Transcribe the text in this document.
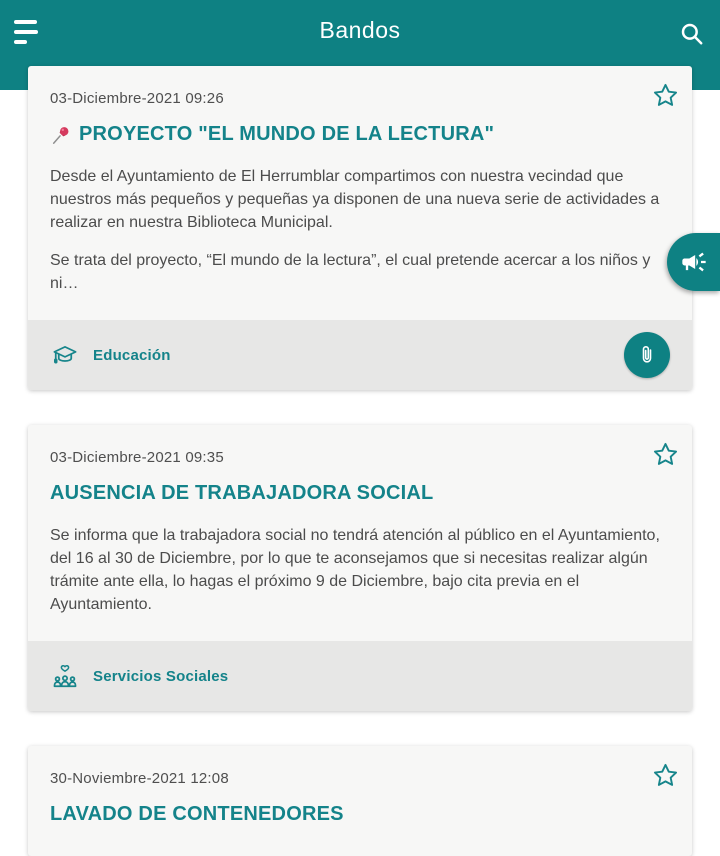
Bandos
03-Diciembre-2021 09:26
PROYECTO "EL MUNDO DE LA LECTURA"

Desde el Ayuntamiento de El Herrumblar compartimos con nuestra vecindad que nuestros más pequeños y pequeñas ya disponen de una nueva serie de actividades a realizar en nuestra Biblioteca Municipal.

Se trata del proyecto, “El mundo de la lectura”, el cual pretende acercar a los niños y ni…

Educación
03-Diciembre-2021 09:35
AUSENCIA DE TRABAJADORA SOCIAL

Se informa que la trabajadora social no tendrá atención al público en el Ayuntamiento, del 16 al 30 de Diciembre, por lo que te aconsejamos que si necesitas realizar algún trámite ante ella, lo hagas el próximo 9 de Diciembre, bajo cita previa en el Ayuntamiento.

Servicios Sociales
30-Noviembre-2021 12:08
LAVADO DE CONTENEDORES
